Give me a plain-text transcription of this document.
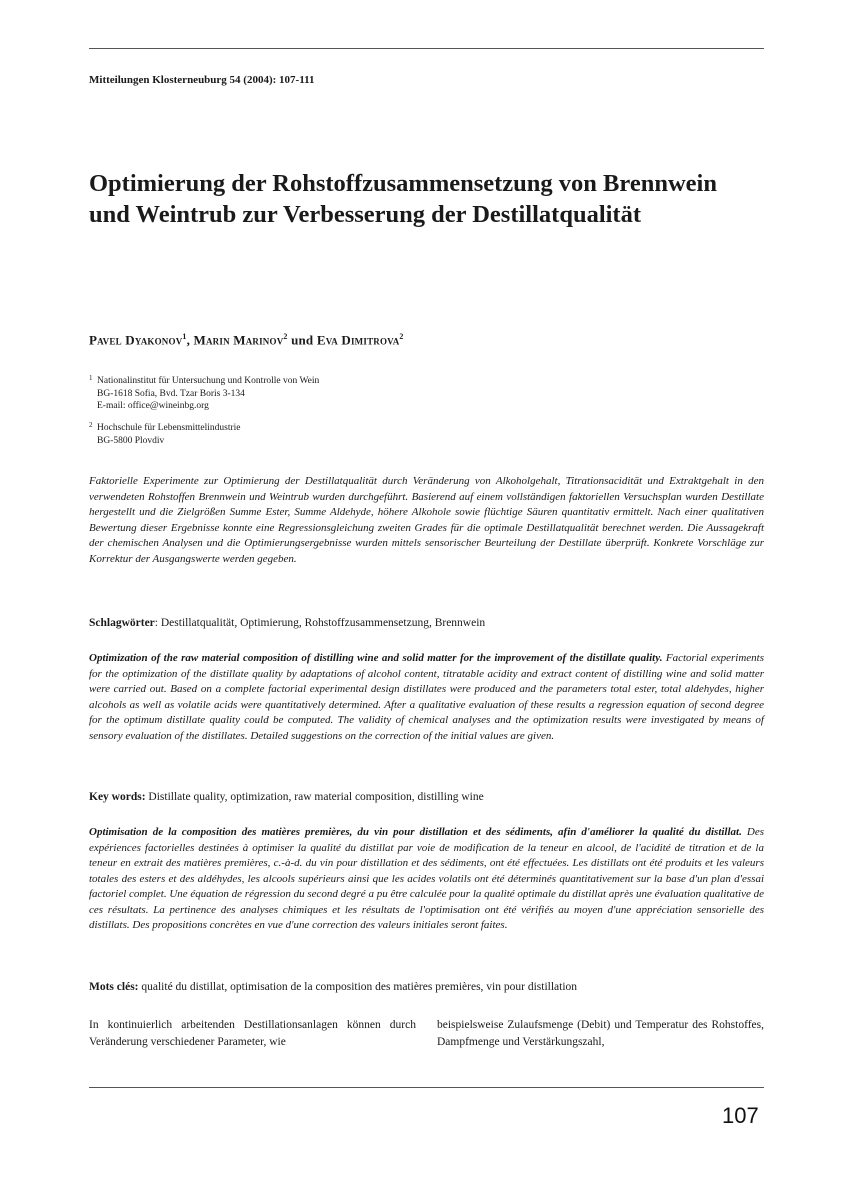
Mitteilungen Klosterneuburg 54 (2004): 107-111
Optimierung der Rohstoffzusammensetzung von Brennwein und Weintrub zur Verbesserung der Destillatqualität
Pavel Dyakonov$^1$, Marin Marinov$^2$ und Eva Dimitrova$^2$
1 Nationalinstitut für Untersuchung und Kontrolle von Wein
BG-1618 Sofia, Bvd. Tzar Boris 3-134
E-mail: office@wineinbg.org
2 Hochschule für Lebensmittelindustrie
BG-5800 Plovdiv
Faktorielle Experimente zur Optimierung der Destillatqualität durch Veränderung von Alkoholgehalt, Titrationsacidität und Extraktgehalt in den verwendeten Rohstoffen Brennwein und Weintrub wurden durchgeführt. Basierend auf einem vollständigen faktoriellen Versuchsplan wurden Destillate hergestellt und die Zielgrößen Summe Ester, Summe Aldehyde, höhere Alkohole sowie flüchtige Säuren quantitativ ermittelt. Nach einer qualitativen Bewertung dieser Ergebnisse konnte eine Regressionsgleichung zweiten Grades für die optimale Destillatqualität berechnet werden. Die Aussagekraft der chemischen Analysen und die Optimierungsergebnisse wurden mittels sensorischer Beurteilung der Destillate überprüft. Konkrete Vorschläge zur Korrektur der Ausgangswerte werden gegeben.
Schlagwörter: Destillatqualität, Optimierung, Rohstoffzusammensetzung, Brennwein
Optimization of the raw material composition of distilling wine and solid matter for the improvement of the distillate quality. Factorial experiments for the optimization of the distillate quality by adaptations of alcohol content, titratable acidity and extract content of distilling wine and solid matter were carried out. Based on a complete factorial experimental design distillates were produced and the parameters total ester, total aldehydes, higher alcohols as well as volatile acids were quantitatively determined. After a qualitative evaluation of these results a regression equation of second degree for the optimum distillate quality could be computed. The validity of chemical analyses and the optimization results were investigated by means of sensory evaluation of the distillates. Detailed suggestions on the correction of the initial values are given.
Key words: Distillate quality, optimization, raw material composition, distilling wine
Optimisation de la composition des matières premières, du vin pour distillation et des sédiments, afin d'améliorer la qualité du distillat. Des expériences factorielles destinées à optimiser la qualité du distillat par voie de modification de la teneur en alcool, de l'acidité de titration et de la teneur en extrait des matières premières, c.-à-d. du vin pour distillation et des sédiments, ont été effectuées. Les distillats ont été produits et les valeurs totales des esters et des aldéhydes, les alcools supérieurs ainsi que les acides volatils ont été déterminés quantitativement sur la base d'un plan d'essai factoriel complet. Une équation de régression du second degré a pu être calculée pour la qualité optimale du distillat après une évaluation qualitative de ces résultats. La pertinence des analyses chimiques et les résultats de l'optimisation ont été vérifiés au moyen d'une appréciation sensorielle des distillats. Des propositions concrètes en vue d'une correction des valeurs initiales seront faites.
Mots clés: qualité du distillat, optimisation de la composition des matières premières, vin pour distillation
In kontinuierlich arbeitenden Destillationsanlagen können durch Veränderung verschiedener Parameter, wie
beispielsweise Zulaufsmenge (Debit) und Temperatur des Rohstoffes, Dampfmenge und Verstärkungszahl,
107
